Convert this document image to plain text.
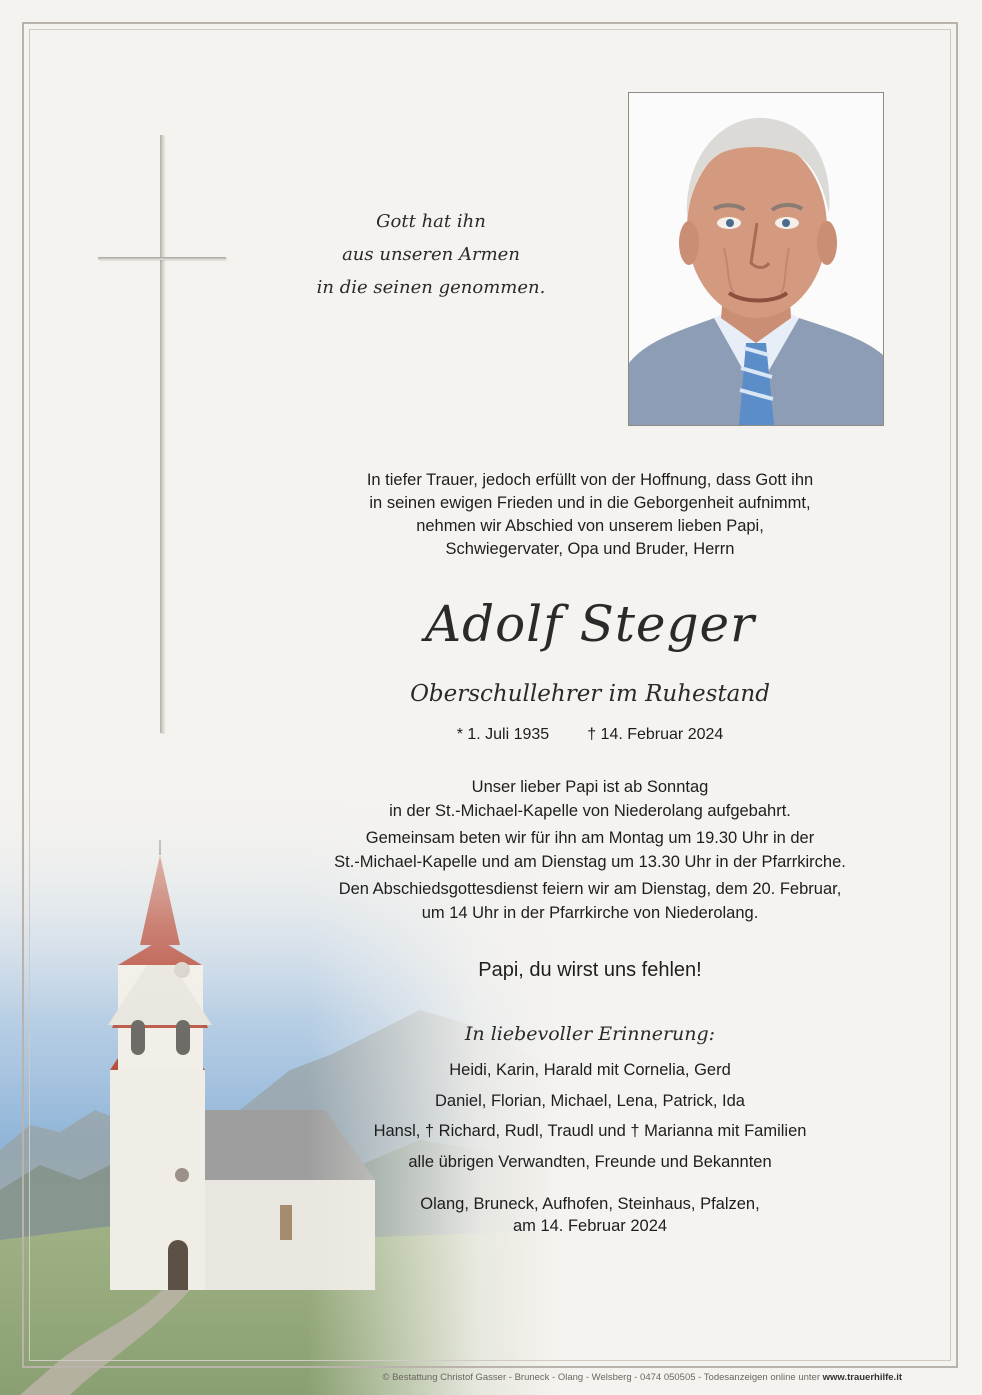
Gott hat ihn
aus unseren Armen
in die seinen genommen.
In tiefer Trauer, jedoch erfüllt von der Hoffnung, dass Gott ihn
in seinen ewigen Frieden und in die Geborgenheit aufnimmt,
nehmen wir Abschied von unserem lieben Papi,
Schwiegervater, Opa und Bruder, Herrn
Adolf Steger
Oberschullehrer im Ruhestand
* 1. Juli 1935 † 14. Februar 2024
Unser lieber Papi ist ab Sonntag
in der St.-Michael-Kapelle von Niederolang aufgebahrt.
Gemeinsam beten wir für ihn am Montag um 19.30 Uhr in der
St.-Michael-Kapelle und am Dienstag um 13.30 Uhr in der Pfarrkirche.
Den Abschiedsgottesdienst feiern wir am Dienstag, dem 20. Februar,
um 14 Uhr in der Pfarrkirche von Niederolang.
Papi, du wirst uns fehlen!
In liebevoller Erinnerung:
Heidi, Karin, Harald mit Cornelia, Gerd
Daniel, Florian, Michael, Lena, Patrick, Ida
Hansl, † Richard, Rudl, Traudl und † Marianna mit Familien
alle übrigen Verwandten, Freunde und Bekannten
Olang, Bruneck, Aufhofen, Steinhaus, Pfalzen,
am 14. Februar 2024
© Bestattung Christof Gasser - Bruneck - Olang - Welsberg - 0474 050505 - Todesanzeigen online unter www.trauerhilfe.it
